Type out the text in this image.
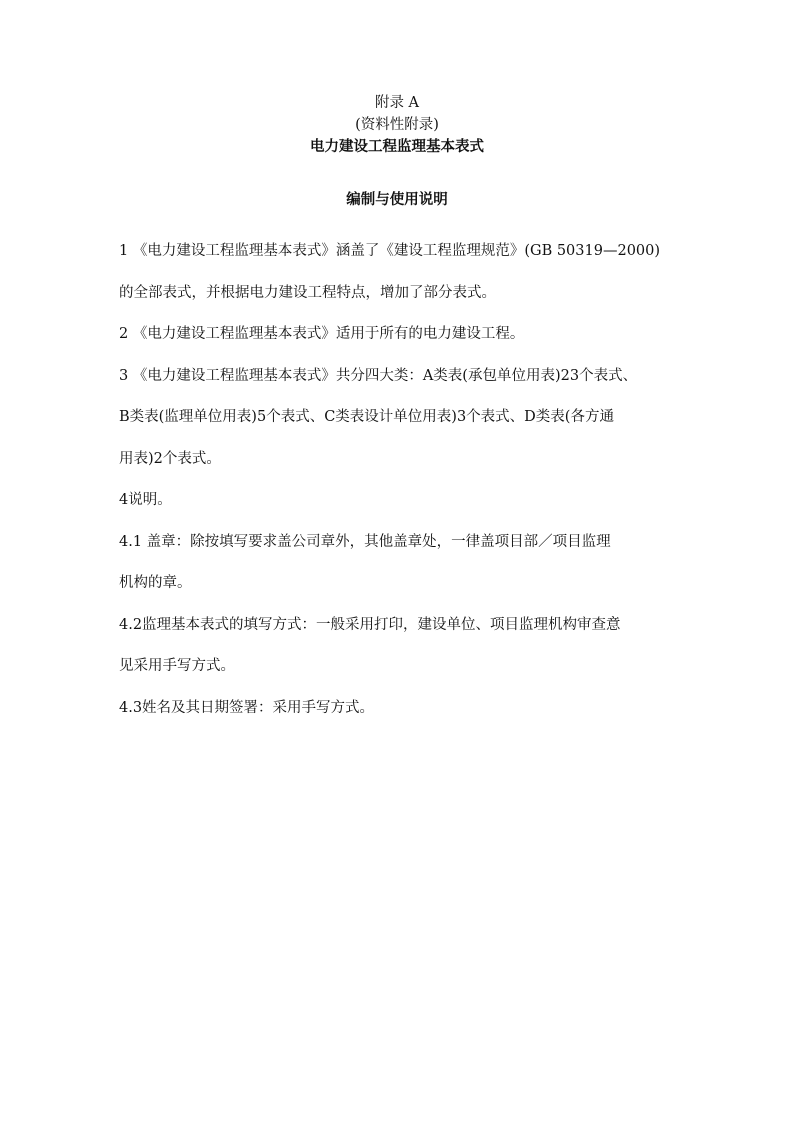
附录 A
(资料性附录)
电力建设工程监理基本表式
编制与使用说明
1 《电力建设工程监理基本表式》涵盖了《建设工程监理规范》(GB 50319—2000)
的全部表式，并根据电力建设工程特点，增加了部分表式。
2 《电力建设工程监理基本表式》适用于所有的电力建设工程。
3 《电力建设工程监理基本表式》共分四大类：A类表(承包单位用表)23个表式、
B类表(监理单位用表)5个表式、C类表设计单位用表)3个表式、D类表(各方通
用表)2个表式。
4说明。
4.1 盖章：除按填写要求盖公司章外，其他盖章处，一律盖项目部／项目监理
机构的章。
4.2监理基本表式的填写方式：一般采用打印，建设单位、项目监理机构审查意
见采用手写方式。
4.3姓名及其日期签署：采用手写方式。
